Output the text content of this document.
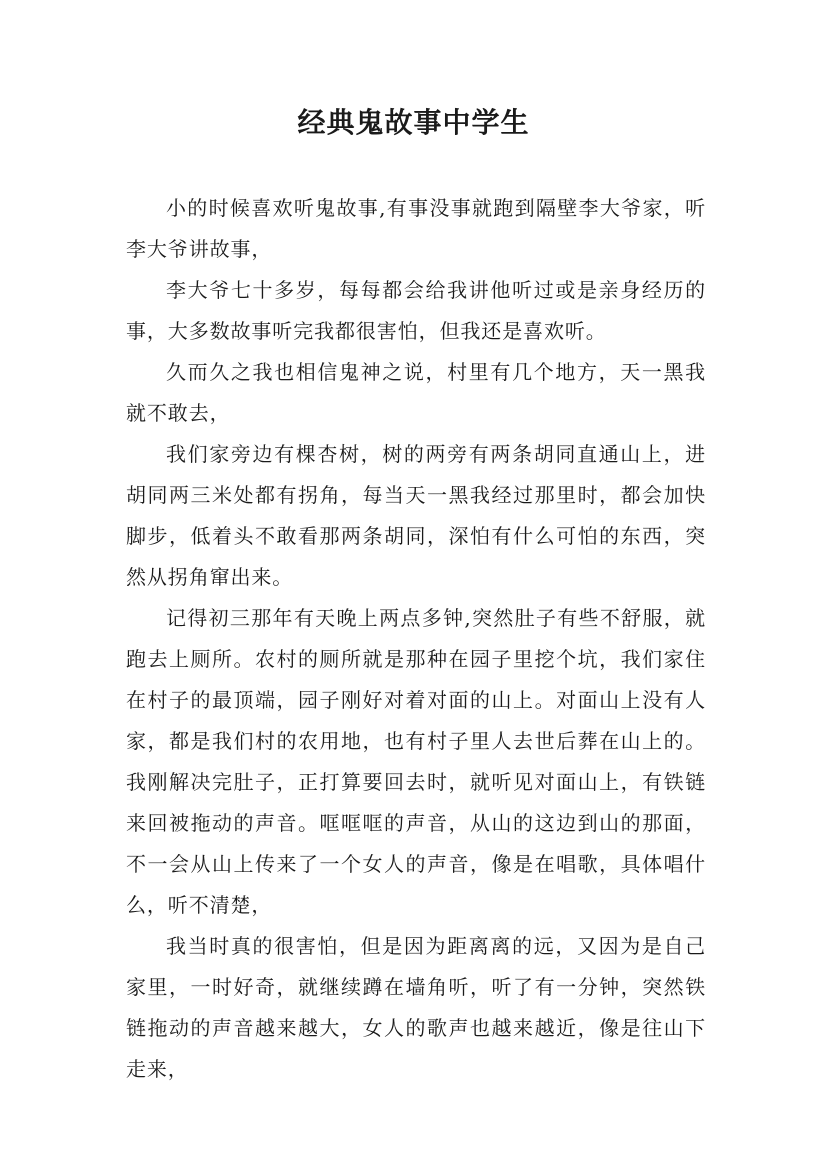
经典鬼故事中学生

小的时候喜欢听鬼故事,有事没事就跑到隔壁李大爷家，听李大爷讲故事，

李大爷七十多岁，每每都会给我讲他听过或是亲身经历的事，大多数故事听完我都很害怕，但我还是喜欢听。

久而久之我也相信鬼神之说，村里有几个地方，天一黑我就不敢去，

我们家旁边有棵杏树，树的两旁有两条胡同直通山上，进胡同两三米处都有拐角，每当天一黑我经过那里时，都会加快脚步，低着头不敢看那两条胡同，深怕有什么可怕的东西，突然从拐角窜出来。

记得初三那年有天晚上两点多钟,突然肚子有些不舒服，就跑去上厕所。农村的厕所就是那种在园子里挖个坑，我们家住在村子的最顶端，园子刚好对着对面的山上。对面山上没有人家，都是我们村的农用地，也有村子里人去世后葬在山上的。我刚解决完肚子，正打算要回去时，就听见对面山上，有铁链来回被拖动的声音。哐哐哐的声音，从山的这边到山的那面，不一会从山上传来了一个女人的声音，像是在唱歌，具体唱什么，听不清楚，

我当时真的很害怕，但是因为距离离的远，又因为是自己家里，一时好奇，就继续蹲在墙角听，听了有一分钟，突然铁链拖动的声音越来越大，女人的歌声也越来越近，像是往山下走来，
